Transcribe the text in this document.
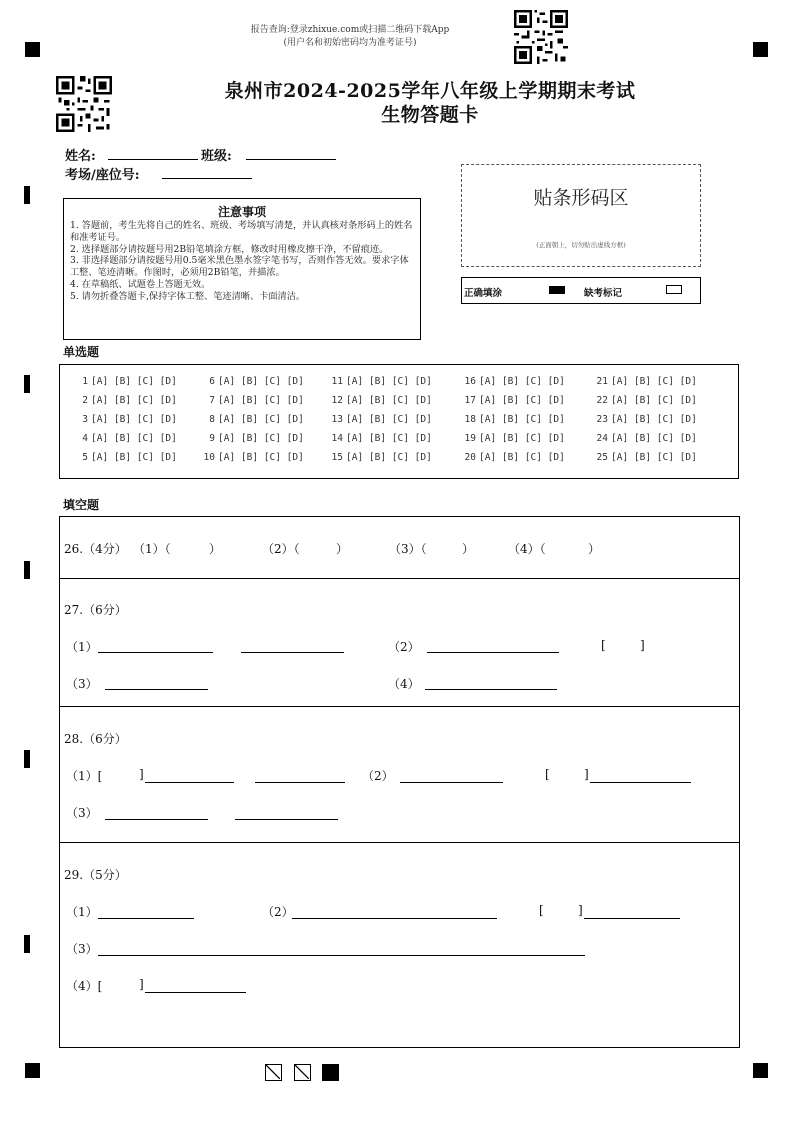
报告查询:登录zhixue.com或扫描二维码下载App
(用户名和初始密码均为准考证号)
泉州市2024-2025学年八年级上学期期末考试
生物答题卡
姓名:	班级:
考场/座位号:
注意事项
1. 答题前，考生先将自己的姓名、班级、考场填写清楚，并认真核对条形码上的姓名和准考证号。
2. 选择题部分请按题号用2B铅笔填涂方框，修改时用橡皮擦干净，不留痕迹。
3. 非选择题部分请按题号用0.5毫米黑色墨水签字笔书写，否则作答无效。要求字体工整、笔迹清晰。作图时，必须用2B铅笔，并描浓。
4. 在草稿纸、试题卷上答题无效。
5. 请勿折叠答题卡,保持字体工整、笔迹清晰、卡面清洁。
贴条形码区
(正面朝上，切勿贴出虚线方框)
正确填涂	缺考标记
单选题
1 [A] [B] [C] [D]
2 [A] [B] [C] [D]
3 [A] [B] [C] [D]
4 [A] [B] [C] [D]
5 [A] [B] [C] [D]
6 [A] [B] [C] [D]
7 [A] [B] [C] [D]
8 [A] [B] [C] [D]
9 [A] [B] [C] [D]
10 [A] [B] [C] [D]
11 [A] [B] [C] [D]
12 [A] [B] [C] [D]
13 [A] [B] [C] [D]
14 [A] [B] [C] [D]
15 [A] [B] [C] [D]
16 [A] [B] [C] [D]
17 [A] [B] [C] [D]
18 [A] [B] [C] [D]
19 [A] [B] [C] [D]
20 [A] [B] [C] [D]
21 [A] [B] [C] [D]
22 [A] [B] [C] [D]
23 [A] [B] [C] [D]
24 [A] [B] [C] [D]
25 [A] [B] [C] [D]
填空题
26.（4分） （1）（	）	（2）（	）	（3）（	）	（4）（	）
27.（6分）
（1）	（2）	[	]
（3）	（4）
28.（6分）
（1）[	]	（2）	[	]
（3）
29.（5分）
（1）	（2）	[	]
（3）
（4）[	]
